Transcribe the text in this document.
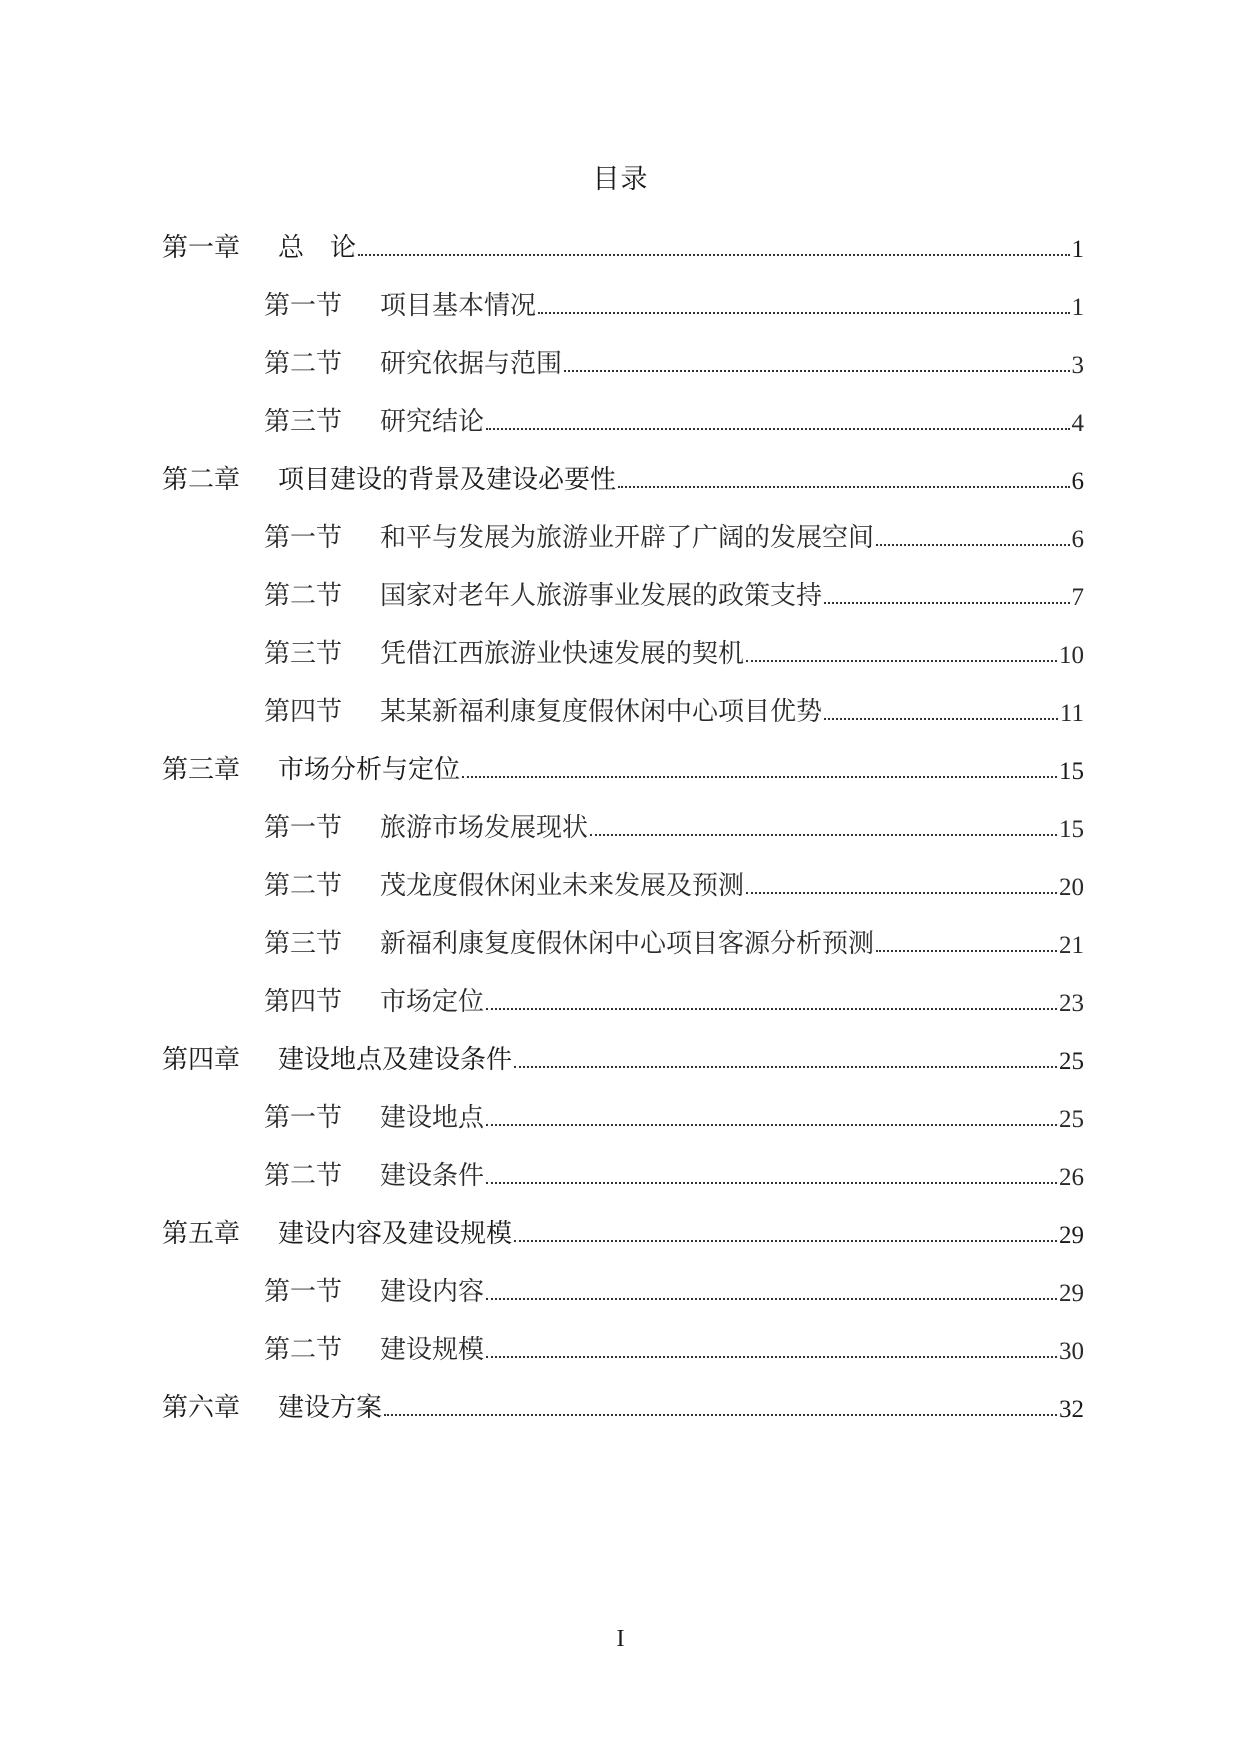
目录
第一章	总　论	1
第一节	项目基本情况	1
第二节	研究依据与范围	3
第三节	研究结论	4
第二章	项目建设的背景及建设必要性	6
第一节	和平与发展为旅游业开辟了广阔的发展空间	6
第二节	国家对老年人旅游事业发展的政策支持	7
第三节	凭借江西旅游业快速发展的契机	10
第四节	某某新福利康复度假休闲中心项目优势	11
第三章	市场分析与定位	15
第一节	旅游市场发展现状	15
第二节	茂龙度假休闲业未来发展及预测	20
第三节	新福利康复度假休闲中心项目客源分析预测	21
第四节	市场定位	23
第四章	建设地点及建设条件	25
第一节	建设地点	25
第二节	建设条件	26
第五章	建设内容及建设规模	29
第一节	建设内容	29
第二节	建设规模	30
第六章	建设方案	32
I
